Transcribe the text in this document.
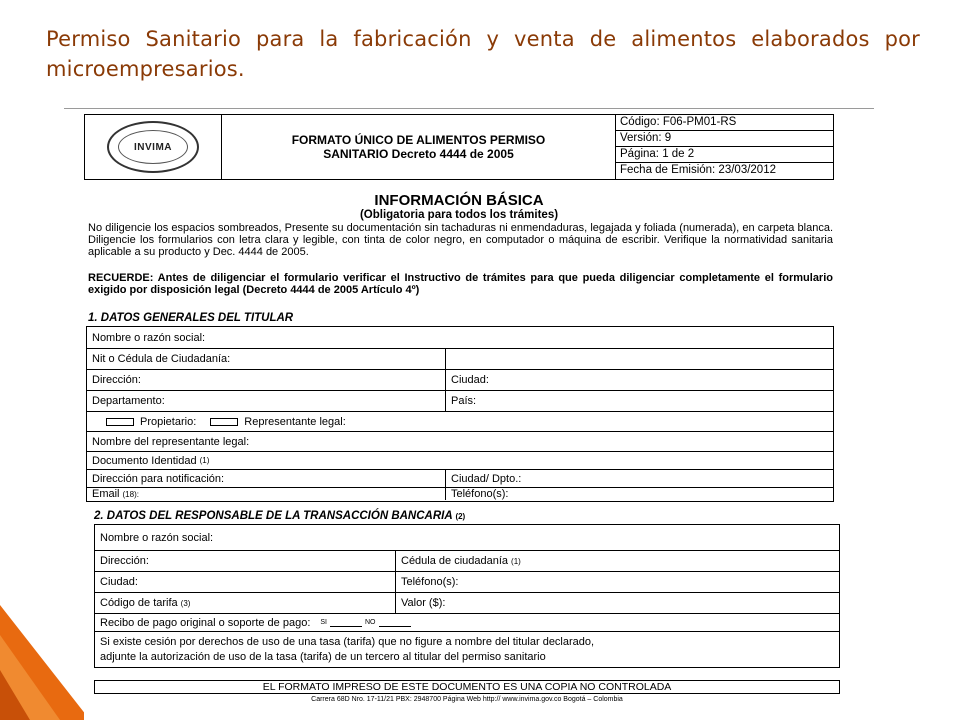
Permiso Sanitario para la fabricación y venta de alimentos elaborados por microempresarios.
INVIMA	FORMATO ÚNICO DE ALIMENTOS PERMISO
SANITARIO Decreto 4444 de 2005
Código: F06-PM01-RS
Versión: 9
Página: 1 de 2
Fecha de Emisión: 23/03/2012
INFORMACIÓN BÁSICA
(Obligatoria para todos los trámites)
No diligencie los espacios sombreados, Presente su documentación sin tachaduras ni enmendaduras, legajada y foliada (numerada), en carpeta blanca. Diligencie los formularios con letra clara y legible, con tinta de color negro, en computador o máquina de escribir. Verifique la normatividad sanitaria aplicable a su producto y Dec. 4444 de 2005.
RECUERDE: Antes de diligenciar el formulario verificar el Instructivo de trámites para que pueda diligenciar completamente el formulario exigido por disposición legal (Decreto 4444 de 2005 Artículo 4º)
1. DATOS GENERALES DEL TITULAR
Nombre o razón social:
Nit o Cédula de Ciudadanía:
Dirección:	Ciudad:
Departamento:	País:
Propietario:	Representante legal:
Nombre del representante legal:
Documento Identidad (1)
Dirección para notificación:	Ciudad/ Dpto.:
Email (18):	Teléfono(s):
2. DATOS DEL RESPONSABLE DE LA TRANSACCIÓN BANCARIA (2)
Nombre o razón social:
Dirección:	Cédula de ciudadanía (1)
Ciudad:	Teléfono(s):
Código de tarifa (3)	Valor ($):
Recibo de pago original o soporte de pago: SI	NO
Si existe cesión por derechos de uso de una tasa (tarifa) que no figure a nombre del titular declarado,
adjunte la autorización de uso de la tasa (tarifa) de un tercero al titular del permiso sanitario
EL FORMATO IMPRESO DE ESTE DOCUMENTO ES UNA COPIA NO CONTROLADA
Carrera 68D Nro. 17-11/21 PBX: 2948700 Página Web http:// www.invima.gov.co Bogotá – Colombia
